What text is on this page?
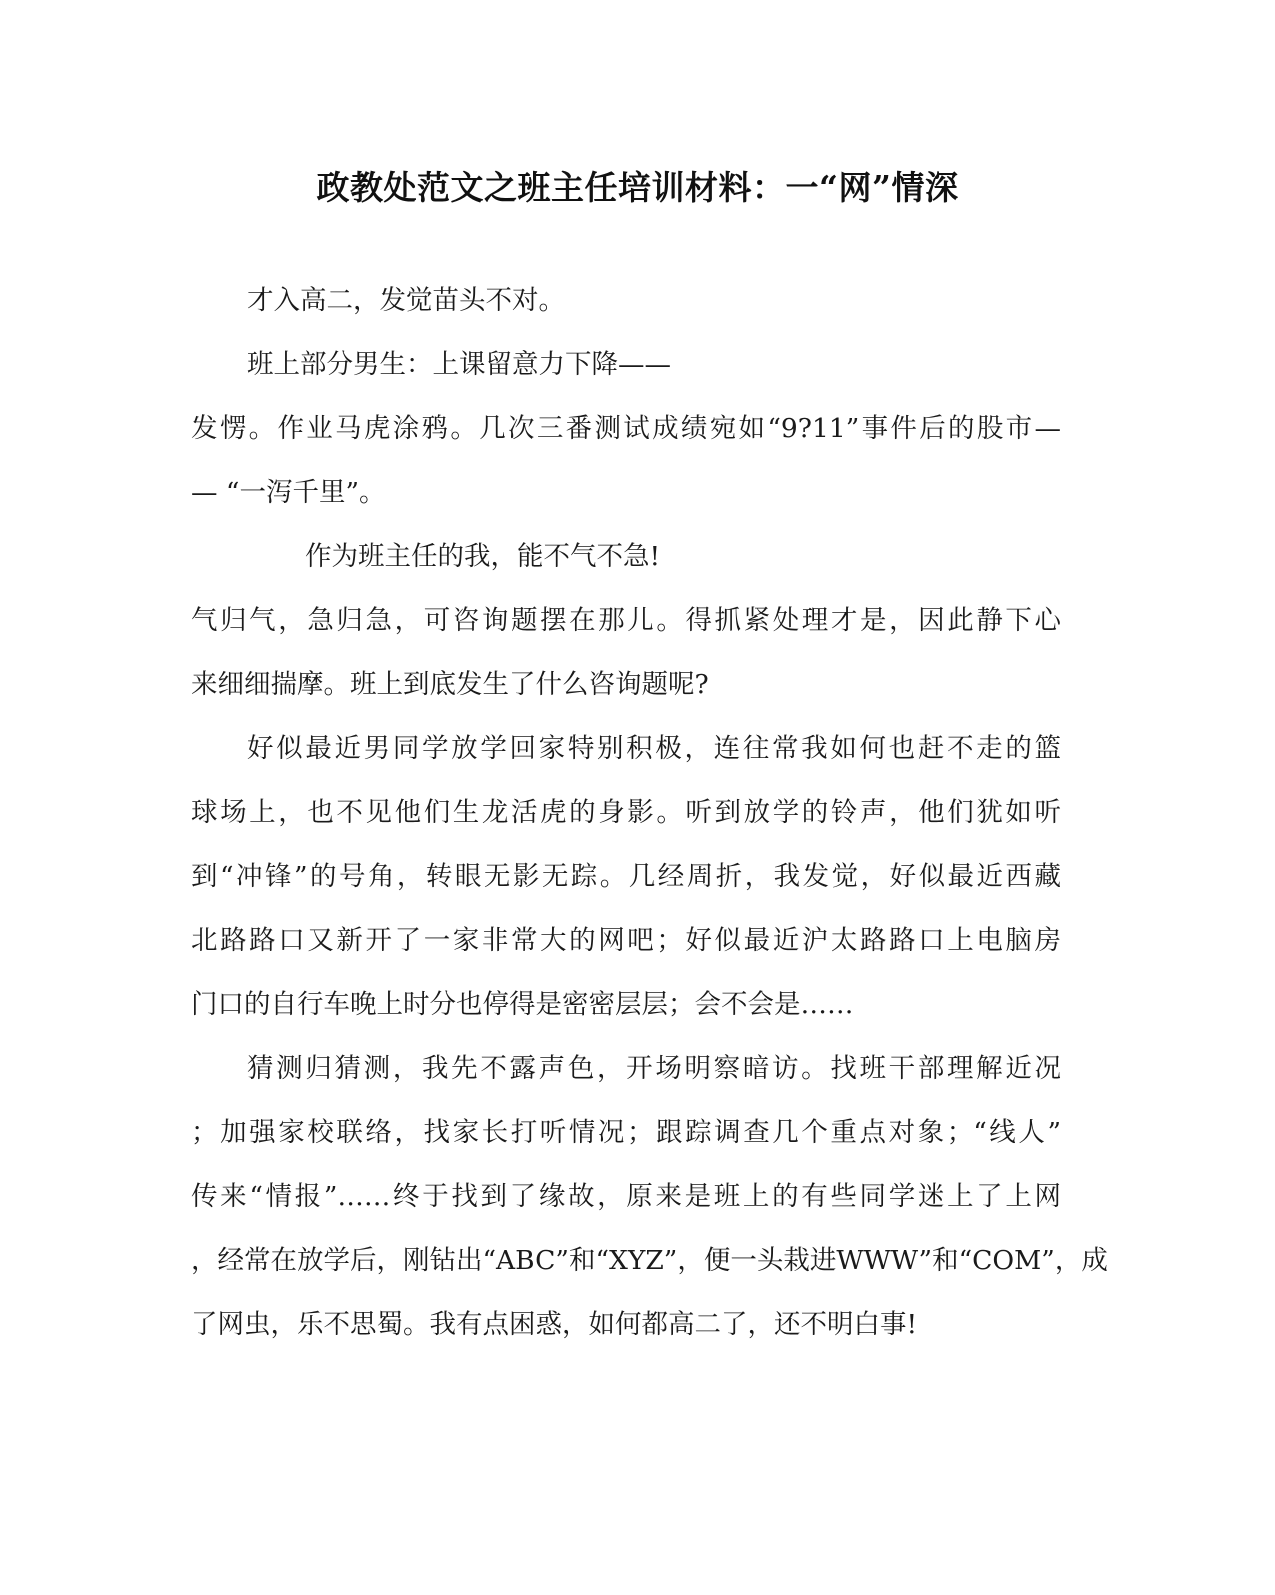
政教处范文之班主任培训材料：一“网”情深
才入高二，发觉苗头不对。
班上部分男生：上课留意力下降——
发愣。作业马虎涂鸦。几次三番测试成绩宛如“9?11”事件后的股市—
— “一泻千里”。
作为班主任的我，能不气不急!
气归气，急归急，可咨询题摆在那儿。得抓紧处理才是，因此静下心
来细细揣摩。班上到底发生了什么咨询题呢?
好似最近男同学放学回家特别积极，连往常我如何也赶不走的篮
球场上，也不见他们生龙活虎的身影。听到放学的铃声，他们犹如听
到“冲锋”的号角，转眼无影无踪。几经周折，我发觉，好似最近西藏
北路路口又新开了一家非常大的网吧；好似最近沪太路路口上电脑房
门口的自行车晚上时分也停得是密密层层；会不会是……
猜测归猜测，我先不露声色，开场明察暗访。找班干部理解近况
；加强家校联络，找家长打听情况；跟踪调查几个重点对象；“线人”
传来“情报”……终于找到了缘故，原来是班上的有些同学迷上了上网
，经常在放学后，刚钻出“ABC”和“XYZ”，便一头栽进WWW”和“COM”，成
了网虫，乐不思蜀。我有点困惑，如何都高二了，还不明白事!
